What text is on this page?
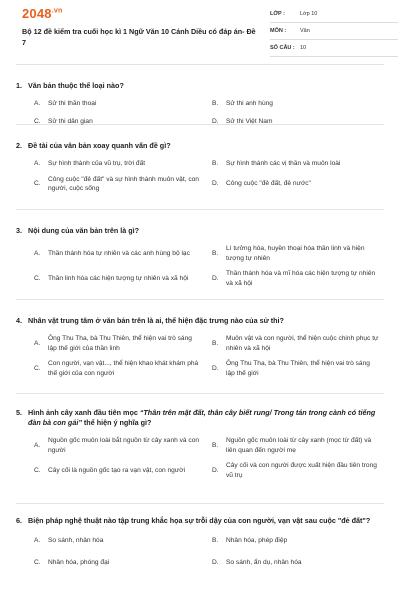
$2048^{.vn}$
Bộ 12 đề kiểm tra cuối học kì 1 Ngữ Văn 10 Cánh Diều có đáp án- Đề 7
LỚP :	Lớp 10
MÔN :	Văn
SỐ CÂU : 10
1. Văn bản thuộc thể loại nào?
A.	Sử thi thần thoại	B.	Sử thi anh hùng
C.	Sử thi dân gian	D.	Sử thi Việt Nam
2. Đề tài của văn bản xoay quanh vấn đề gì?
A.	Sự hình thành của vũ trụ, trời đất	B.	Sự hình thành các vị thần và muôn loài
C.
Công cuộc "đẻ đất" và sự hình thành muôn vật, con người, cuộc sống
D.	Công cuộc "đẻ đất, đẻ nước"
3. Nội dung của văn bản trên là gì?
A.	Thần thánh hóa tự nhiên và các anh hùng bộ lạc	B.
Lí tưởng hóa, huyền thoại hóa thần linh và hiện tượng tự nhiên
C.	Thần linh hóa các hiện tượng tự nhiên và xã hội	D.
Thần thánh hóa và mĩ hóa các hiện tượng tự nhiên và xã hội
4. Nhân vật trung tâm ở văn bản trên là ai, thể hiện đặc trưng nào của sử thi?
A.
Ông Thu Tha, bà Thu Thiên, thể hiện vai trò sáng lập thế giới của thần linh
B.
Muôn vật và con người, thể hiện cuộc chinh phục tự nhiên và xã hội
C.
Con người, vạn vật..., thể hiện khao khát khám phá thế giới của con người
D.
Ông Thu Tha, bà Thu Thiên, thể hiện vai trò sáng lập thế giới
5. Hình ảnh cây xanh đầu tiên mọc “Thân trên mặt đất, thân cây biết rung/ Trong tán trong cành có tiếng đàn bà con gái” thể hiện ý nghĩa gì?
A.
Nguồn gốc muôn loài bắt nguồn từ cây xanh và con người
B.
Nguồn gốc muôn loài từ cây xanh (mọc từ đất) và liên quan đến người mẹ
C.	Cây cối là nguồn gốc tạo ra vạn vật, con người	D.
Cây cối và con người được xuất hiện đầu tiên trong vũ trụ
6. Biện pháp nghệ thuật nào tập trung khắc họa sự trỗi dậy của con người, vạn vật sau cuộc "đẻ đất"?
A.	So sánh, nhân hóa	B.	Nhân hóa, phép điệp
C.	Nhân hóa, phóng đại	D.	So sánh, ẩn dụ, nhân hóa
